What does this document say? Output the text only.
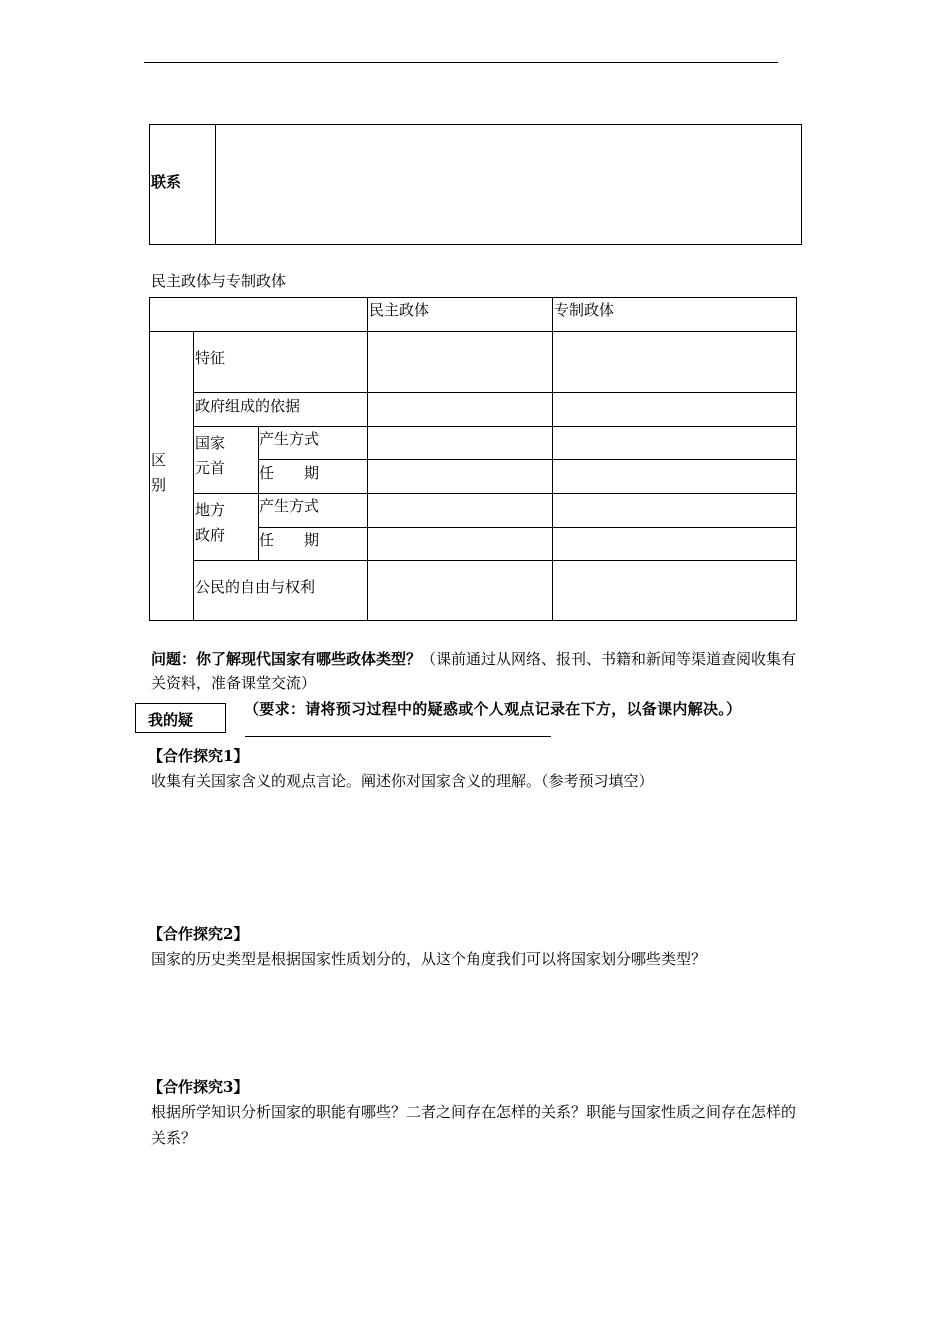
联系
民主政体与专制政体
民主政体	专制政体
区
别
特征
政府组成的依据
国家
元首
产生方式
任　　期
地方
政府
产生方式
任　　期
公民的自由与权利
问题：你了解现代国家有哪些政体类型？（课前通过从网络、报刊、书籍和新闻等渠道查阅收集有关资料，准备课堂交流）
我的疑
（要求：请将预习过程中的疑惑或个人观点记录在下方，以备课内解决。）
【合作探究1】
收集有关国家含义的观点言论。阐述你对国家含义的理解。（参考预习填空）
【合作探究2】
国家的历史类型是根据国家性质划分的，从这个角度我们可以将国家划分哪些类型？
【合作探究3】
根据所学知识分析国家的职能有哪些？二者之间存在怎样的关系？职能与国家性质之间存在怎样的关系？
